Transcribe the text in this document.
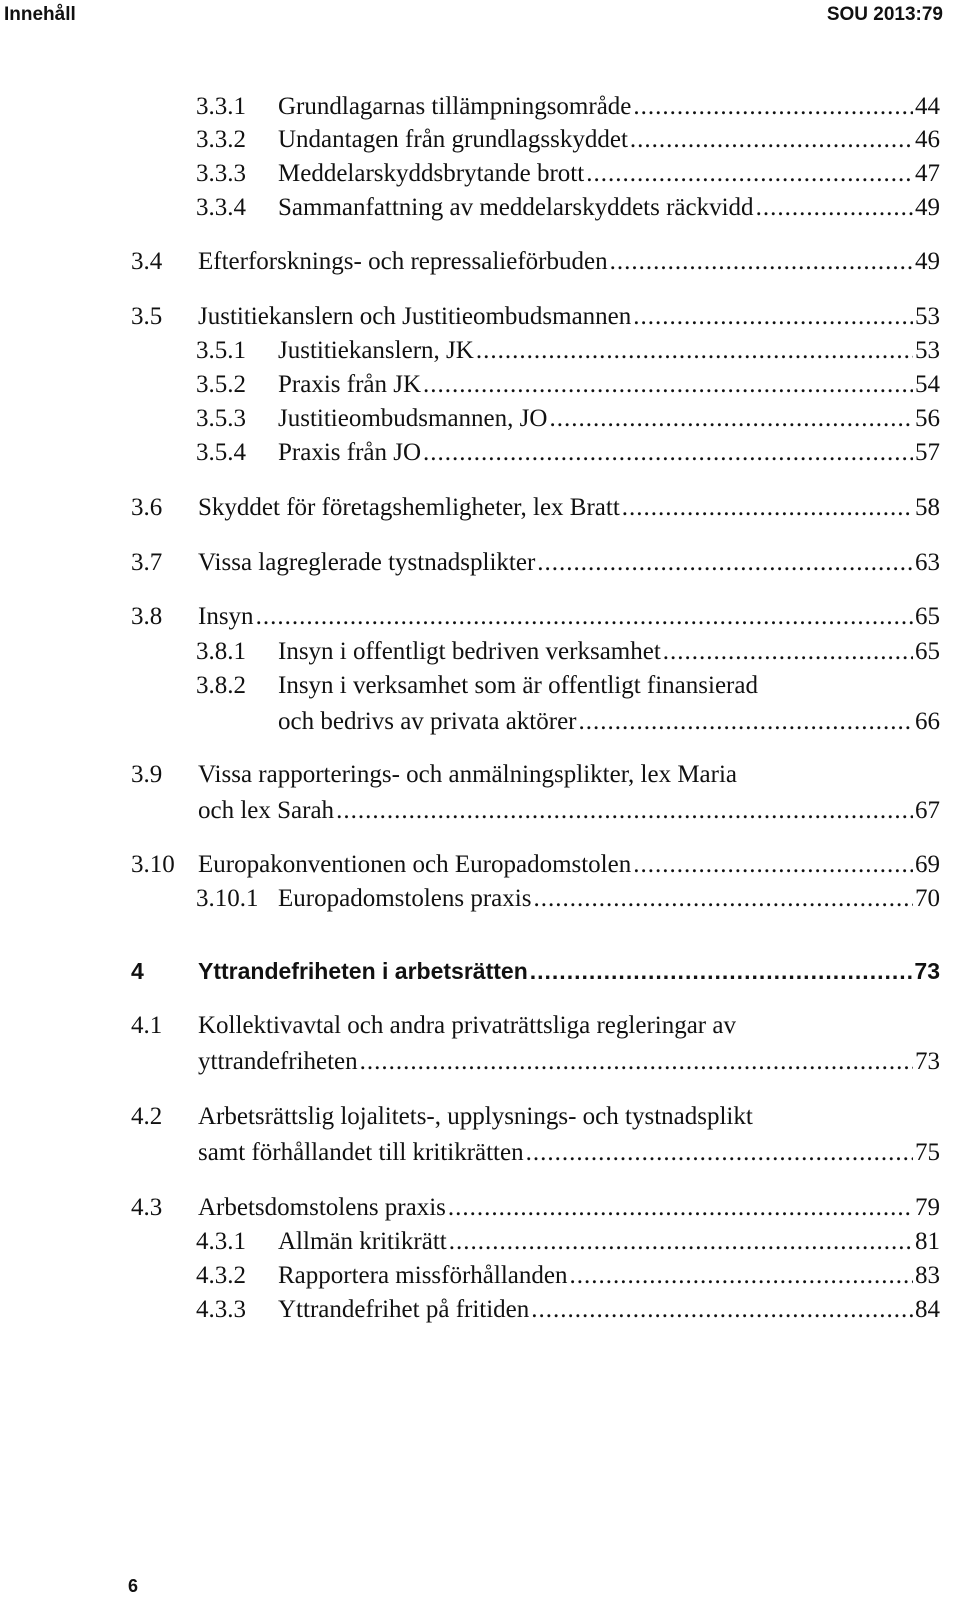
Innehåll	SOU 2013:79
3.3.1 Grundlagarnas tillämpningsområde .....	44
3.3.2 Undantagen från grundlagsskyddet .....	46
3.3.3 Meddelarskyddsbrytande brott .....	47
3.3.4 Sammanfattning av meddelarskyddets räckvidd .....	49
3.4 Efterforsknings- och repressalieförbuden .....	49
3.5 Justitiekanslern och Justitieombudsmannen .....	53
3.5.1 Justitiekanslern, JK .....	53
3.5.2 Praxis från JK .....	54
3.5.3 Justitieombudsmannen, JO .....	56
3.5.4 Praxis från JO .....	57
3.6 Skyddet för företagshemligheter, lex Bratt .....	58
3.7 Vissa lagreglerade tystnadsplikter .....	63
3.8 Insyn .....	65
3.8.1 Insyn i offentligt bedriven verksamhet .....	65
3.8.2 Insyn i verksamhet som är offentligt finansierad
och bedrivs av privata aktörer .....	66
3.9 Vissa rapporterings- och anmälningsplikter, lex Maria
och lex Sarah .....	67
3.10 Europakonventionen och Europadomstolen .....	69
3.10.1 Europadomstolens praxis .....	70
4 Yttrandefriheten i arbetsrätten .....	73
4.1 Kollektivavtal och andra privaträttsliga regleringar av
yttrandefriheten .....	73
4.2 Arbetsrättslig lojalitets-, upplysnings- och tystnadsplikt
samt förhållandet till kritikrätten .....	75
4.3 Arbetsdomstolens praxis .....	79
4.3.1 Allmän kritikrätt .....	81
4.3.2 Rapportera missförhållanden .....	83
4.3.3 Yttrandefrihet på fritiden .....	84
6
